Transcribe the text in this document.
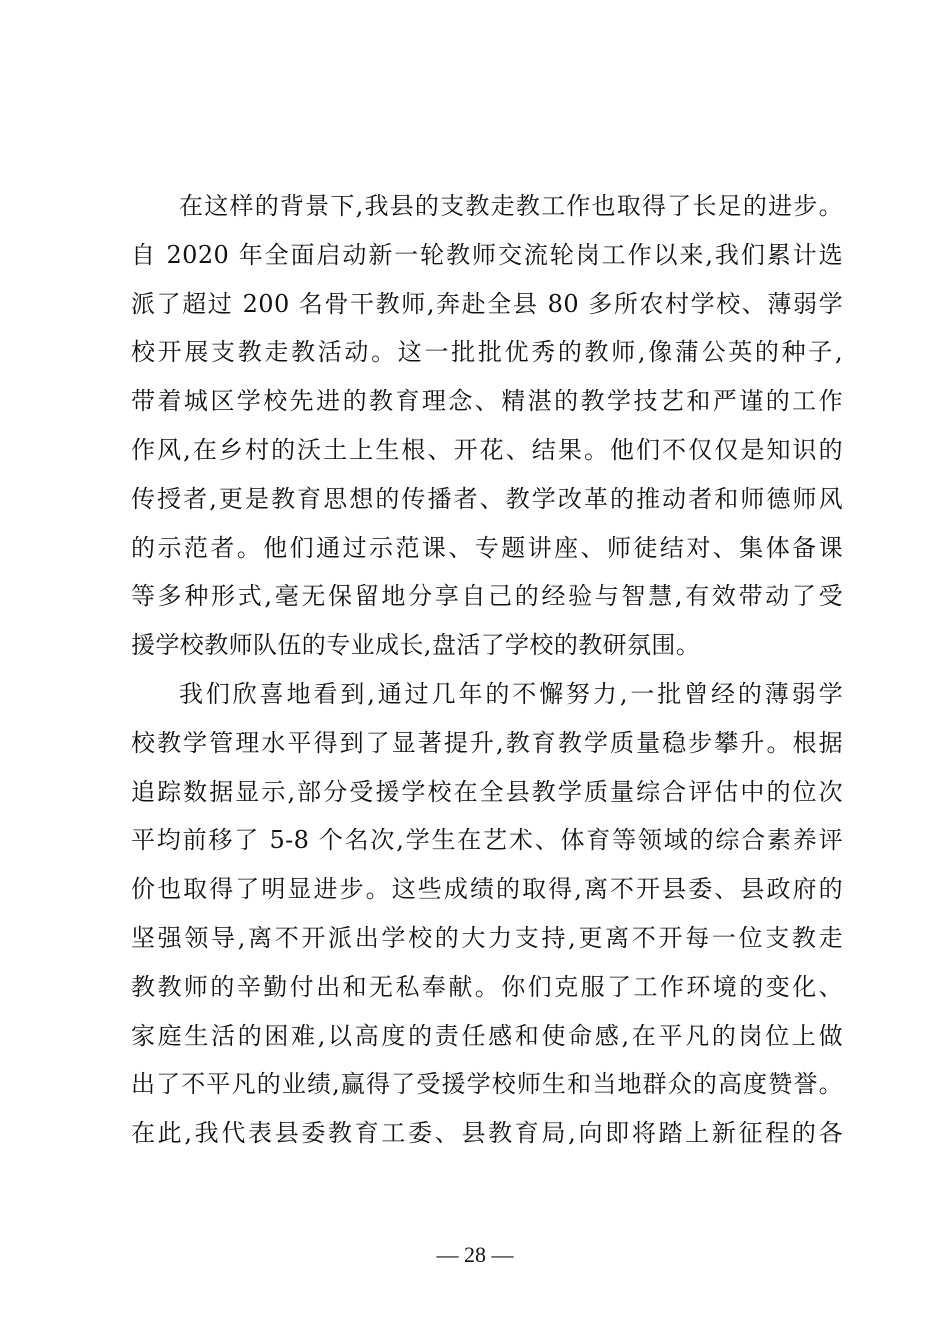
在这样的背景下,我县的支教走教工作也取得了长足的进步。
自 2020 年全面启动新一轮教师交流轮岗工作以来,我们累计选
派了超过 200 名骨干教师,奔赴全县 80 多所农村学校、薄弱学
校开展支教走教活动。这一批批优秀的教师,像蒲公英的种子,
带着城区学校先进的教育理念、精湛的教学技艺和严谨的工作
作风,在乡村的沃土上生根、开花、结果。他们不仅仅是知识的
传授者,更是教育思想的传播者、教学改革的推动者和师德师风
的示范者。他们通过示范课、专题讲座、师徒结对、集体备课
等多种形式,毫无保留地分享自己的经验与智慧,有效带动了受
援学校教师队伍的专业成长,盘活了学校的教研氛围。
我们欣喜地看到,通过几年的不懈努力,一批曾经的薄弱学
校教学管理水平得到了显著提升,教育教学质量稳步攀升。根据
追踪数据显示,部分受援学校在全县教学质量综合评估中的位次
平均前移了 5-8 个名次,学生在艺术、体育等领域的综合素养评
价也取得了明显进步。这些成绩的取得,离不开县委、县政府的
坚强领导,离不开派出学校的大力支持,更离不开每一位支教走
教教师的辛勤付出和无私奉献。你们克服了工作环境的变化、
家庭生活的困难,以高度的责任感和使命感,在平凡的岗位上做
出了不平凡的业绩,赢得了受援学校师生和当地群众的高度赞誉。
在此,我代表县委教育工委、县教育局,向即将踏上新征程的各
— 28 —
